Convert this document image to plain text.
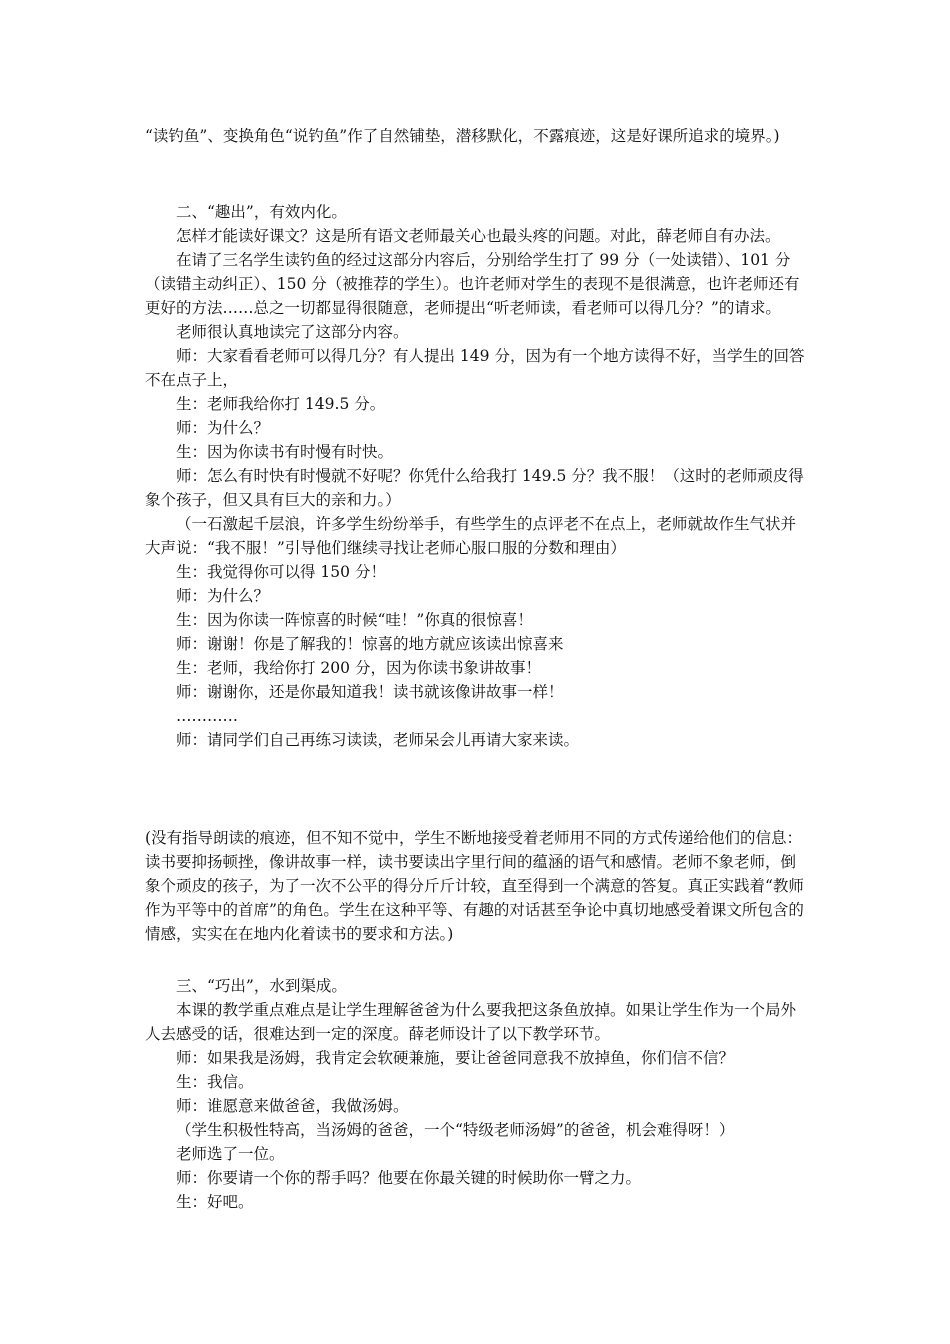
“读钓鱼”、变换角色“说钓鱼”作了自然铺垫，潜移默化，不露痕迹，这是好课所追求的境界。)

二、“趣出”，有效内化。

怎样才能读好课文？这是所有语文老师最关心也最头疼的问题。对此，薛老师自有办法。

在请了三名学生读钓鱼的经过这部分内容后，分别给学生打了 99 分（一处读错）、101 分（读错主动纠正）、150 分（被推荐的学生）。也许老师对学生的表现不是很满意，也许老师还有更好的方法……总之一切都显得很随意，老师提出“听老师读，看老师可以得几分？”的请求。

老师很认真地读完了这部分内容。

师：大家看看老师可以得几分？有人提出 149 分，因为有一个地方读得不好，当学生的回答不在点子上，

生：老师我给你打 149.5 分。

师：为什么？

生：因为你读书有时慢有时快。

师：怎么有时快有时慢就不好呢？你凭什么给我打 149.5 分？我不服！（这时的老师顽皮得象个孩子，但又具有巨大的亲和力。）

（一石激起千层浪，许多学生纷纷举手，有些学生的点评老不在点上，老师就故作生气状并大声说：“我不服！”引导他们继续寻找让老师心服口服的分数和理由）

生：我觉得你可以得 150 分！

师：为什么？

生：因为你读一阵惊喜的时候“哇！”你真的很惊喜！

师：谢谢！你是了解我的！惊喜的地方就应该读出惊喜来

生：老师，我给你打 200 分，因为你读书象讲故事！

师：谢谢你，还是你最知道我！读书就该像讲故事一样！

…………

师：请同学们自己再练习读读，老师呆会儿再请大家来读。

(没有指导朗读的痕迹，但不知不觉中，学生不断地接受着老师用不同的方式传递给他们的信息：读书要抑扬顿挫，像讲故事一样，读书要读出字里行间的蕴涵的语气和感情。老师不象老师，倒象个顽皮的孩子，为了一次不公平的得分斤斤计较，直至得到一个满意的答复。真正实践着“教师作为平等中的首席”的角色。学生在这种平等、有趣的对话甚至争论中真切地感受着课文所包含的情感，实实在在地内化着读书的要求和方法。)

三、“巧出”，水到渠成。

本课的教学重点难点是让学生理解爸爸为什么要我把这条鱼放掉。如果让学生作为一个局外人去感受的话，很难达到一定的深度。薛老师设计了以下教学环节。

师：如果我是汤姆，我肯定会软硬兼施，要让爸爸同意我不放掉鱼，你们信不信？

生：我信。

师：谁愿意来做爸爸，我做汤姆。

（学生积极性特高，当汤姆的爸爸，一个“特级老师汤姆”的爸爸，机会难得呀！）

老师选了一位。

师：你要请一个你的帮手吗？他要在你最关键的时候助你一臂之力。

生：好吧。
